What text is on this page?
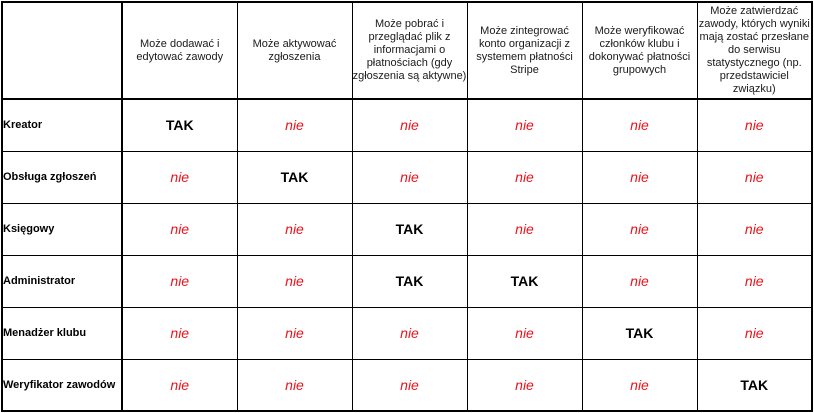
	Może dodawać i edytować zawody	Może aktywować zgłoszenia	Może pobrać i przeglądać plik z informacjami o płatnościach (gdy zgłoszenia są aktywne)	Może zintegrować konto organizacji z systemem płatności Stripe	Może weryfikować członków klubu i dokonywać płatności grupowych	Może zatwierdzać zawody, których wyniki mają zostać przesłane do serwisu statystycznego (np. przedstawiciel związku)
Kreator	TAK	nie	nie	nie	nie	nie
Obsługa zgłoszeń	nie	TAK	nie	nie	nie	nie
Księgowy	nie	nie	TAK	nie	nie	nie
Administrator	nie	nie	TAK	TAK	nie	nie
Menadżer klubu	nie	nie	nie	nie	TAK	nie
Weryfikator zawodów	nie	nie	nie	nie	nie	TAK
